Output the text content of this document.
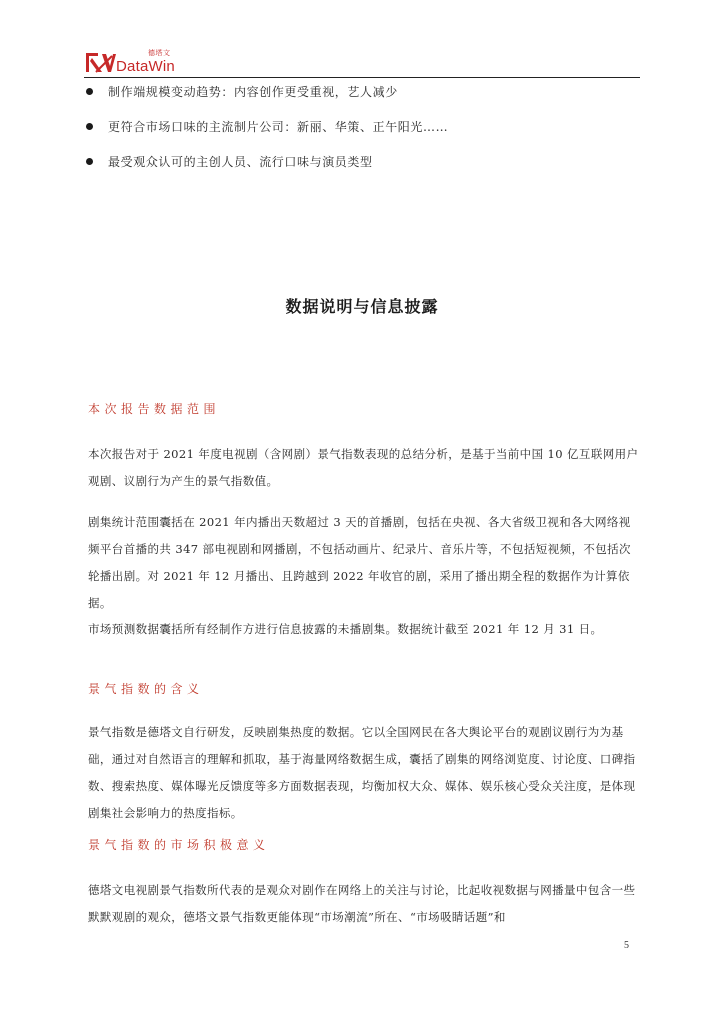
德塔文
DataWin
制作端规模变动趋势：内容创作更受重视，艺人减少
更符合市场口味的主流制片公司：新丽、华策、正午阳光……
最受观众认可的主创人员、流行口味与演员类型
数据说明与信息披露
本次报告数据范围

本次报告对于 2021 年度电视剧（含网剧）景气指数表现的总结分析，是基于当前中国 10 亿互联网用户观剧、议剧行为产生的景气指数值。

剧集统计范围囊括在 2021 年内播出天数超过 3 天的首播剧，包括在央视、各大省级卫视和各大网络视频平台首播的共 347 部电视剧和网播剧，不包括动画片、纪录片、音乐片等，不包括短视频，不包括次轮播出剧。对 2021 年 12 月播出、且跨越到 2022 年收官的剧，采用了播出期全程的数据作为计算依据。

市场预测数据囊括所有经制作方进行信息披露的未播剧集。数据统计截至 2021 年 12 月 31 日。

景气指数的含义

景气指数是德塔文自行研发，反映剧集热度的数据。它以全国网民在各大舆论平台的观剧议剧行为为基础，通过对自然语言的理解和抓取，基于海量网络数据生成，囊括了剧集的网络浏览度、讨论度、口碑指数、搜索热度、媒体曝光反馈度等多方面数据表现，均衡加权大众、媒体、娱乐核心受众关注度，是体现剧集社会影响力的热度指标。

景气指数的市场积极意义

德塔文电视剧景气指数所代表的是观众对剧作在网络上的关注与讨论，比起收视数据与网播量中包含一些默默观剧的观众，德塔文景气指数更能体现“市场潮流”所在、“市场吸睛话题”和

5
